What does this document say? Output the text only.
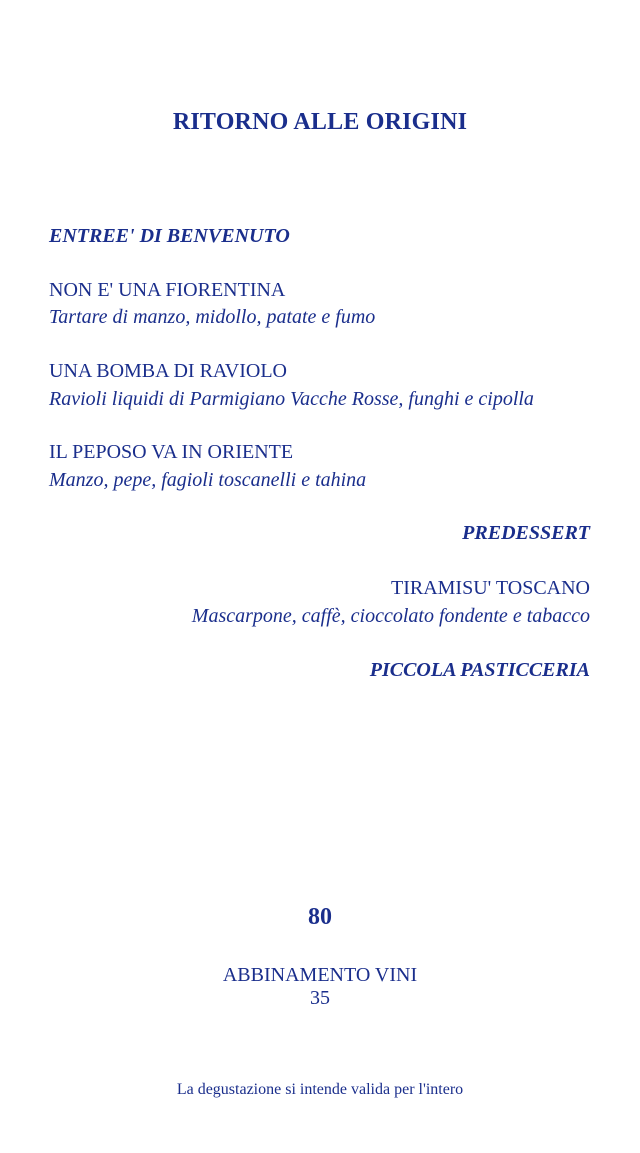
RITORNO ALLE ORIGINI
ENTREE' DI BENVENUTO
NON E' UNA FIORENTINA
Tartare di manzo, midollo, patate e fumo
UNA BOMBA DI RAVIOLO
Ravioli liquidi di Parmigiano Vacche Rosse, funghi e cipolla
IL PEPOSO VA IN ORIENTE
Manzo, pepe, fagioli toscanelli e tahina
PREDESSERT
TIRAMISU' TOSCANO
Mascarpone, caffè, cioccolato fondente e tabacco
PICCOLA PASTICCERIA
80
ABBINAMENTO VINI
35
La degustazione si intende valida per l'intero
